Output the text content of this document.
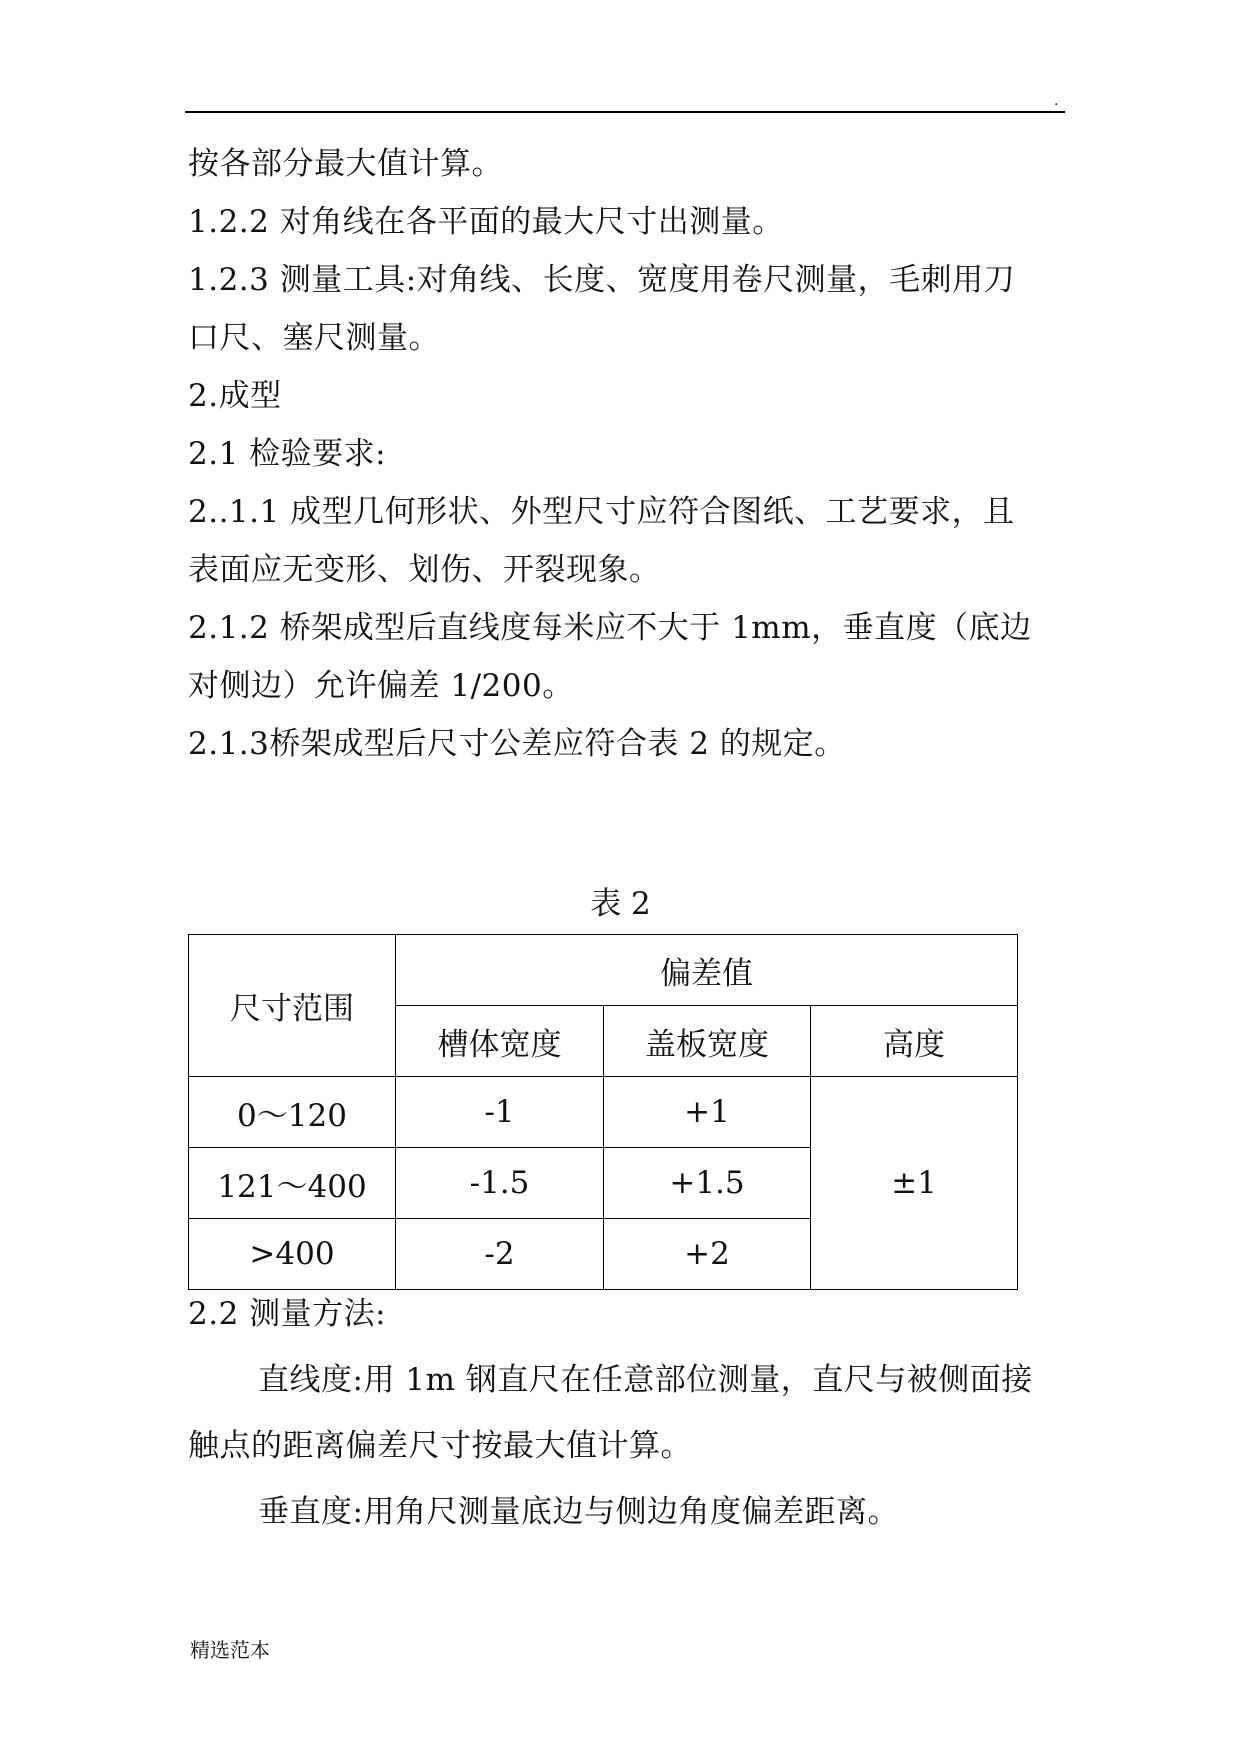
.
按各部分最大值计算。
1.2.2 对角线在各平面的最大尺寸出测量。
1.2.3 测量工具:对角线、长度、宽度用卷尺测量，毛刺用刀
口尺、塞尺测量。
2.成型
2.1 检验要求:
2..1.1 成型几何形状、外型尺寸应符合图纸、工艺要求，且
表面应无变形、划伤、开裂现象。
2.1.2 桥架成型后直线度每米应不大于 1mm，垂直度（底边
对侧边）允许偏差 1/200。
2.1.3桥架成型后尺寸公差应符合表 2 的规定。
表 2
尺寸范围	偏差值		
	槽体宽度	盖板宽度	高度
0～120	-1	+1	±1
121～400	-1.5	+1.5	
>400	-2	+2	
2.2 测量方法:
直线度:用 1m 钢直尺在任意部位测量，直尺与被侧面接
触点的距离偏差尺寸按最大值计算。
垂直度:用角尺测量底边与侧边角度偏差距离。
精选范本
